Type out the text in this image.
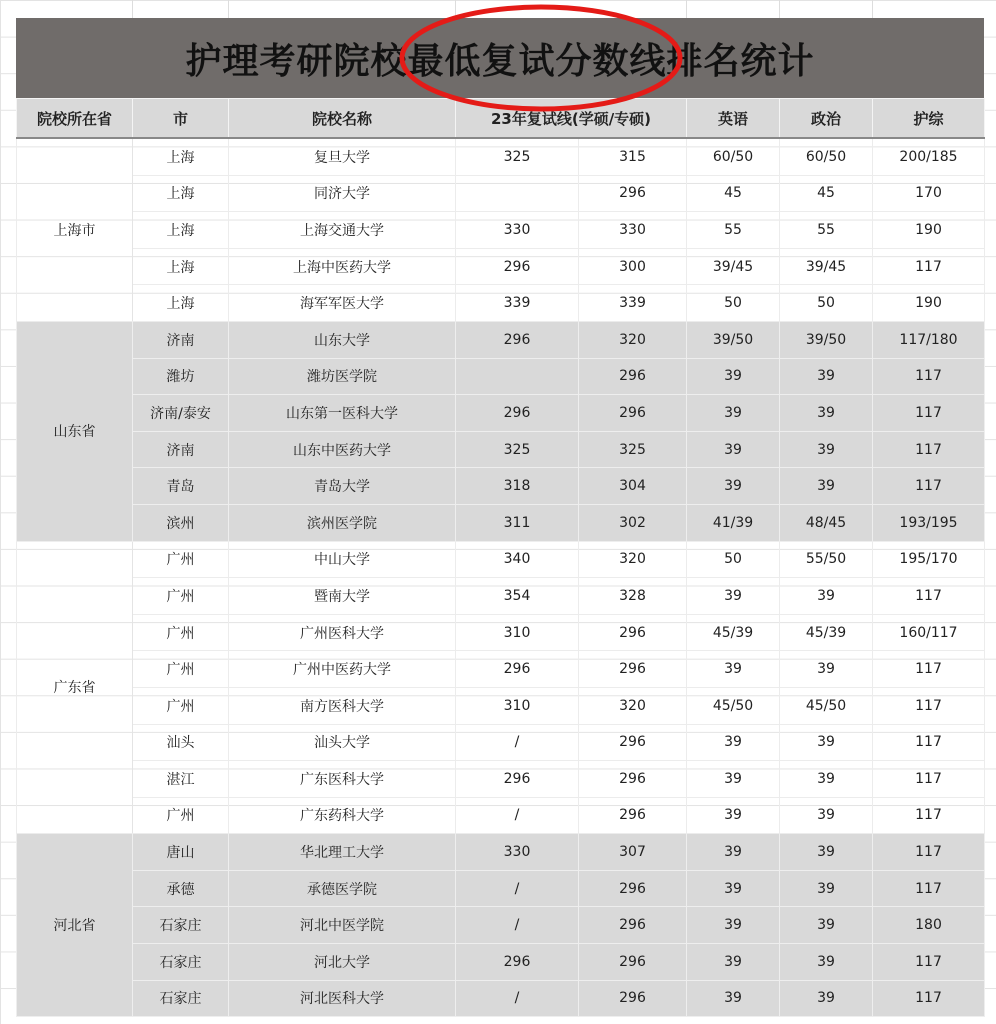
护理考研院校最低复试分数线排名统计
院校所在省	市	院校名称	23年复试线(学硕/专硕)		英语	政治	护综
上海市	上海	复旦大学	325	315	60/50	60/50	200/185
	上海	同济大学		296	45	45	170
	上海	上海交通大学	330	330	55	55	190
	上海	上海中医药大学	296	300	39/45	39/45	117
	上海	海军军医大学	339	339	50	50	190
山东省	济南	山东大学	296	320	39/50	39/50	117/180
	潍坊	潍坊医学院		296	39	39	117
	济南/泰安	山东第一医科大学	296	296	39	39	117
	济南	山东中医药大学	325	325	39	39	117
	青岛	青岛大学	318	304	39	39	117
	滨州	滨州医学院	311	302	41/39	48/45	193/195
广东省	广州	中山大学	340	320	50	55/50	195/170
	广州	暨南大学	354	328	39	39	117
	广州	广州医科大学	310	296	45/39	45/39	160/117
	广州	广州中医药大学	296	296	39	39	117
	广州	南方医科大学	310	320	45/50	45/50	117
	汕头	汕头大学	/	296	39	39	117
	湛江	广东医科大学	296	296	39	39	117
	广州	广东药科大学	/	296	39	39	117
河北省	唐山	华北理工大学	330	307	39	39	117
	承德	承德医学院	/	296	39	39	117
	石家庄	河北中医学院	/	296	39	39	180
	石家庄	河北大学	296	296	39	39	117
	石家庄	河北医科大学	/	296	39	39	117
